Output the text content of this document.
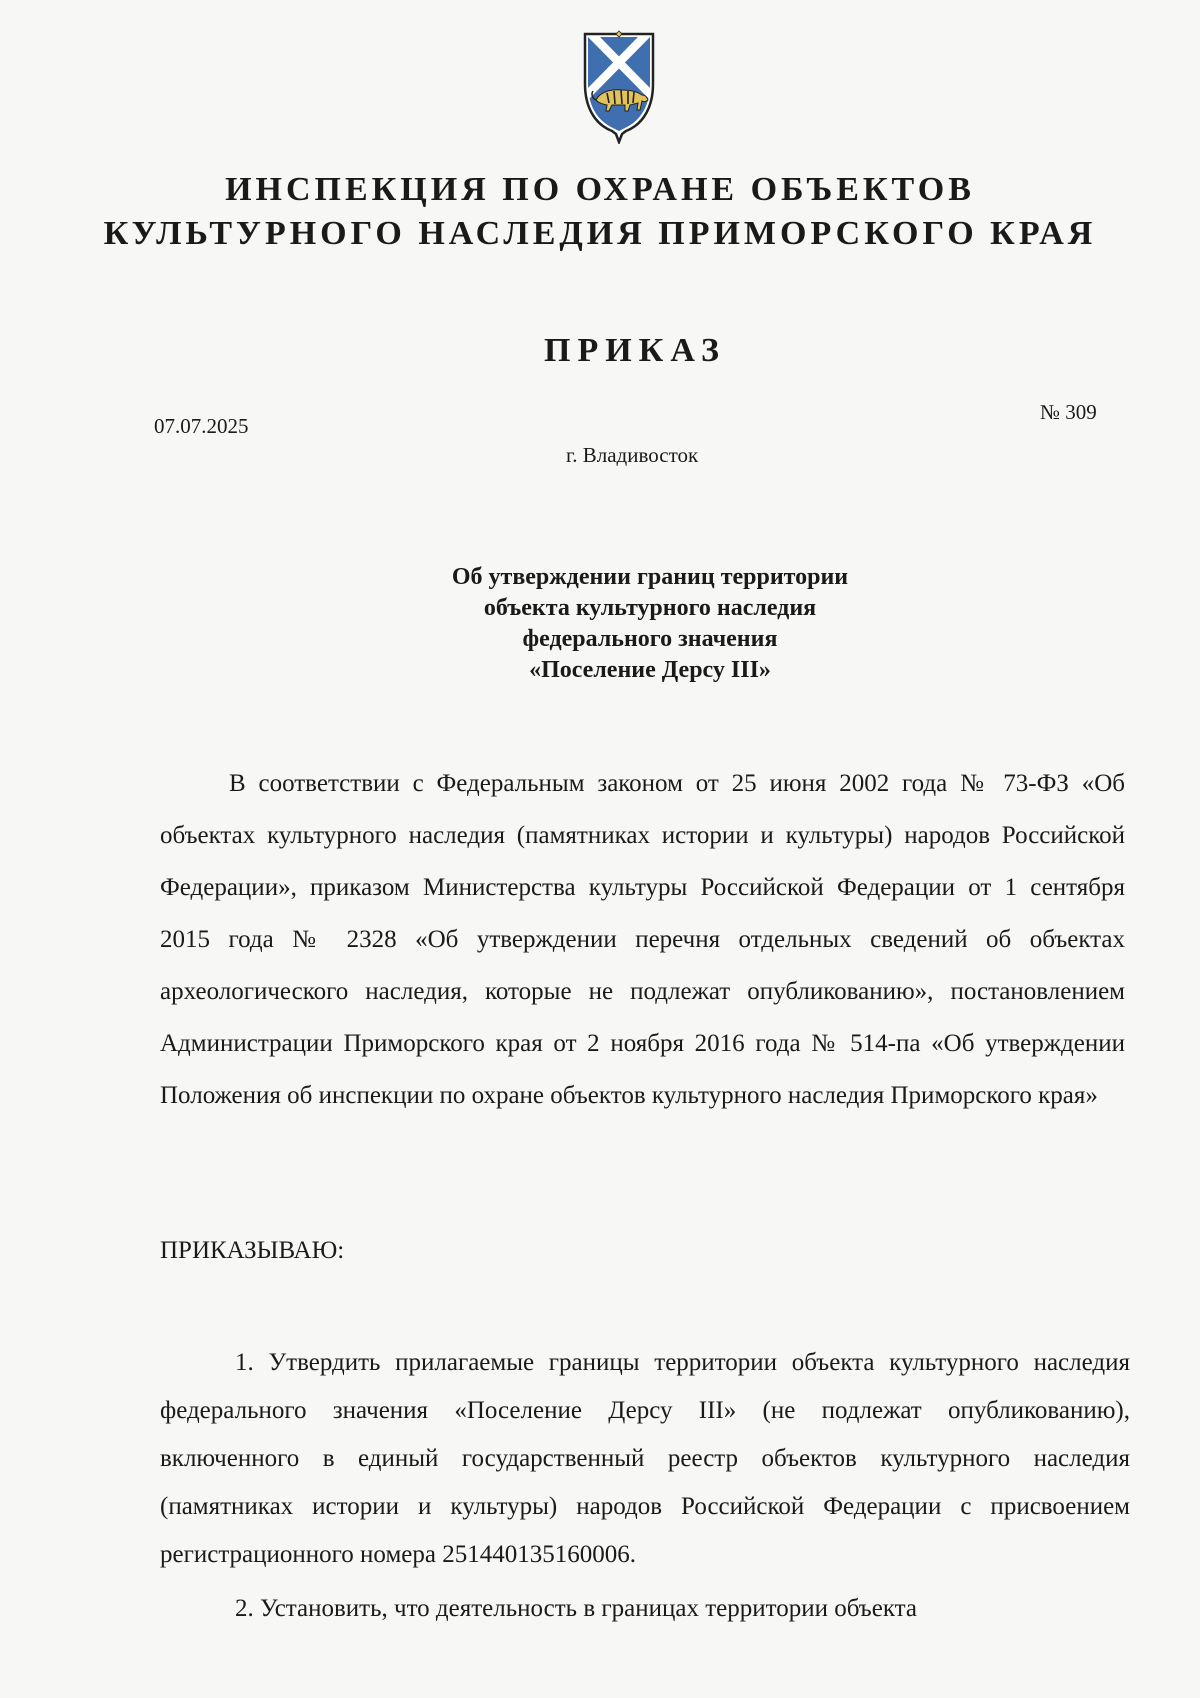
ИНСПЕКЦИЯ ПО ОХРАНЕ ОБЪЕКТОВ
КУЛЬТУРНОГО НАСЛЕДИЯ ПРИМОРСКОГО КРАЯ
ПРИКАЗ
07.07.2025
№ 309
г. Владивосток
Об утверждении границ территории
объекта культурного наследия
федерального значения
«Поселение Дерсу III»

В соответствии с Федеральным законом от 25 июня 2002 года № 73-ФЗ «Об объектах культурного наследия (памятниках истории и культуры) народов Российской Федерации», приказом Министерства культуры Российской Федерации от 1 сентября 2015 года № 2328 «Об утверждении перечня отдельных сведений об объектах археологического наследия, которые не подлежат опубликованию», постановлением Администрации Приморского края от 2 ноября 2016 года № 514-па «Об утверждении Положения об инспекции по охране объектов культурного наследия Приморского края»

ПРИКАЗЫВАЮ:

1. Утвердить прилагаемые границы территории объекта культурного наследия федерального значения «Поселение Дерсу III» (не подлежат опубликованию), включенного в единый государственный реестр объектов культурного наследия (памятниках истории и культуры) народов Российской Федерации с присвоением регистрационного номера 251440135160006.

2. Установить, что деятельность в границах территории объекта
